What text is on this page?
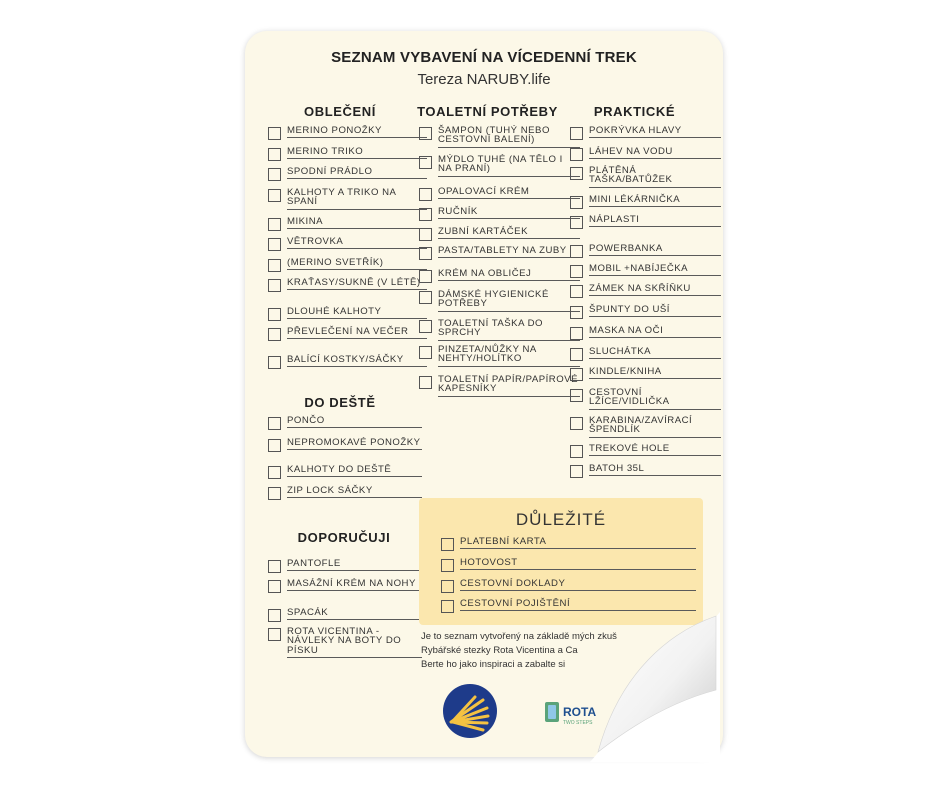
SEZNAM VYBAVENÍ NA VÍCEDENNÍ TREK
Tereza NARUBY.life
OBLEČENÍ	TOALETNÍ POTŘEBY	PRAKTICKÉ
DO DEŠTĚ
DOPORUČUJI
MERINO PONOŽKY
MERINO TRIKO
SPODNÍ PRÁDLO
KALHOTY A TRIKO NA SPANÍ
MIKINA
VĚTROVKA
(MERINO SVETŘÍK)
KRAŤASY/SUKNĚ (V LÉTĚ)
DLOUHÉ KALHOTY
PŘEVLEČENÍ NA VEČER
BALÍCÍ KOSTKY/SÁČKY
ŠAMPON (TUHÝ NEBO CESTOVNÍ BALENÍ)
MÝDLO TUHÉ (NA TĚLO I NA PRANÍ)
OPALOVACÍ KRÉM
RUČNÍK
ZUBNÍ KARTÁČEK
PASTA/TABLETY NA ZUBY
KRÉM NA OBLIČEJ
DÁMSKÉ HYGIENICKÉ POTŘEBY
TOALETNÍ TAŠKA DO SPRCHY
PINZETA/NŮŽKY NA NEHTY/HOLÍTKO
TOALETNÍ PAPÍR/PAPÍROVÉ KAPESNÍKY
POKRÝVKA HLAVY
LÁHEV NA VODU
PLÁTĚNÁ TAŠKA/BATŮŽEK
MINI LÉKÁRNIČKA
NÁPLASTI
POWERBANKA
MOBIL +NABÍJEČKA
ZÁMEK NA SKŘÍŇKU
ŠPUNTY DO UŠÍ
MASKA NA OČI
SLUCHÁTKA
KINDLE/KNIHA
CESTOVNÍ LŽÍCE/VIDLIČKA
KARABINA/ZAVÍRACÍ ŠPENDLÍK
TREKOVÉ HOLE
BATOH 35L
PONČO
NEPROMOKAVÉ PONOŽKY
KALHOTY DO DEŠTĚ
ZIP LOCK SÁČKY
PANTOFLE
MASÁŽNÍ KRÉM NA NOHY
SPACÁK
ROTA VICENTINA - NÁVLEKY NA BOTY DO PÍSKU
DŮLEŽITÉ
PLATEBNÍ KARTA
HOTOVOST
CESTOVNÍ DOKLADY
CESTOVNÍ POJIŠTĚNÍ
Je to seznam vytvořený na základě mých zkuš
Rybářské stezky Rota Vicentina a Ca
Berte ho jako inspiraci a zabalte si
ROTA
TWO STEPS
